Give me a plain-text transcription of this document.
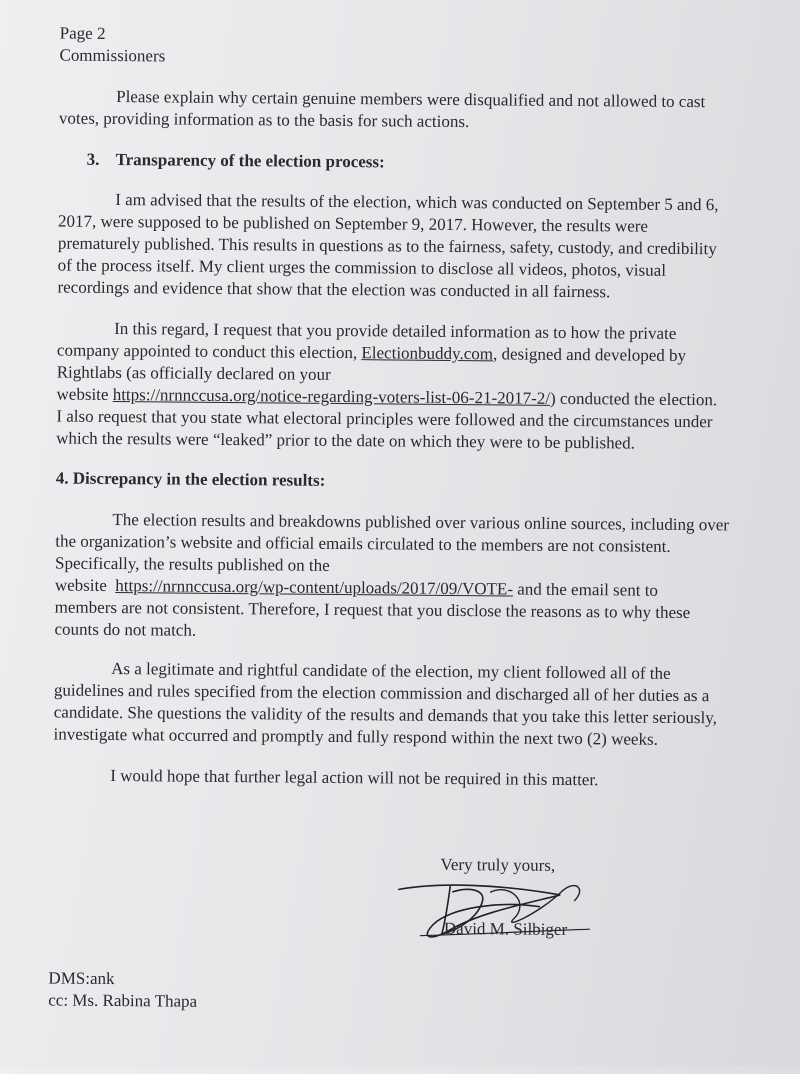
Page 2
Commissioners
Please explain why certain genuine members were disqualified and not allowed to cast
votes, providing information as to the basis for such actions.
3. Transparency of the election process:
I am advised that the results of the election, which was conducted on September 5 and 6,
2017, were supposed to be published on September 9, 2017. However, the results were
prematurely published. This results in questions as to the fairness, safety, custody, and credibility
of the process itself. My client urges the commission to disclose all videos, photos, visual
recordings and evidence that show that the election was conducted in all fairness.
In this regard, I request that you provide detailed information as to how the private
company appointed to conduct this election, Electionbuddy.com, designed and developed by
Rightlabs (as officially declared on your
website https://nrnnccusa.org/notice-regarding-voters-list-06-21-2017-2/) conducted the election.
I also request that you state what electoral principles were followed and the circumstances under
which the results were “leaked” prior to the date on which they were to be published.
4. Discrepancy in the election results:
The election results and breakdowns published over various online sources, including over
the organization’s website and official emails circulated to the members are not consistent.
Specifically, the results published on the
website  https://nrnnccusa.org/wp-content/uploads/2017/09/VOTE- and the email sent to
members are not consistent. Therefore, I request that you disclose the reasons as to why these
counts do not match.
As a legitimate and rightful candidate of the election, my client followed all of the
guidelines and rules specified from the election commission and discharged all of her duties as a
candidate. She questions the validity of the results and demands that you take this letter seriously,
investigate what occurred and promptly and fully respond within the next two (2) weeks.
I would hope that further legal action will not be required in this matter.
Very truly yours,
David M. Silbiger
DMS:ank
cc: Ms. Rabina Thapa
